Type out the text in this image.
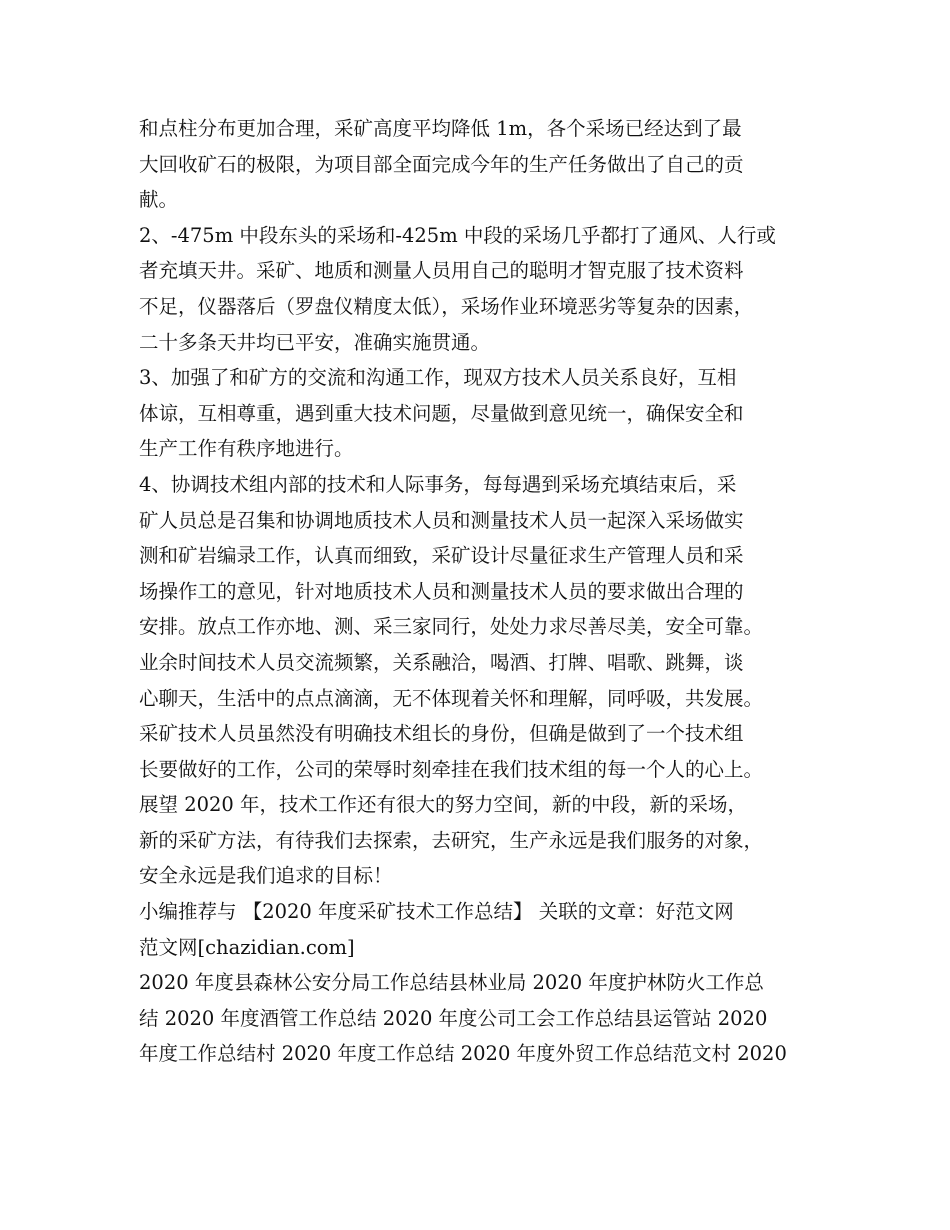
和点柱分布更加合理，采矿高度平均降低 1m，各个采场已经达到了最
大回收矿石的极限，为项目部全面完成今年的生产任务做出了自己的贡
献。
2、-475m 中段东头的采场和-425m 中段的采场几乎都打了通风、人行或
者充填天井。采矿、地质和测量人员用自己的聪明才智克服了技术资料
不足，仪器落后（罗盘仪精度太低），采场作业环境恶劣等复杂的因素，
二十多条天井均已平安，准确实施贯通。
3、加强了和矿方的交流和沟通工作，现双方技术人员关系良好，互相
体谅，互相尊重，遇到重大技术问题，尽量做到意见统一，确保安全和
生产工作有秩序地进行。
4、协调技术组内部的技术和人际事务，每每遇到采场充填结束后，采
矿人员总是召集和协调地质技术人员和测量技术人员一起深入采场做实
测和矿岩编录工作，认真而细致，采矿设计尽量征求生产管理人员和采
场操作工的意见，针对地质技术人员和测量技术人员的要求做出合理的
安排。放点工作亦地、测、采三家同行，处处力求尽善尽美，安全可靠。
业余时间技术人员交流频繁，关系融洽，喝酒、打牌、唱歌、跳舞，谈
心聊天，生活中的点点滴滴，无不体现着关怀和理解，同呼吸，共发展。
采矿技术人员虽然没有明确技术组长的身份，但确是做到了一个技术组
长要做好的工作，公司的荣辱时刻牵挂在我们技术组的每一个人的心上。
展望 2020 年，技术工作还有很大的努力空间，新的中段，新的采场，
新的采矿方法，有待我们去探索，去研究，生产永远是我们服务的对象，
安全永远是我们追求的目标！
小编推荐与 【2020 年度采矿技术工作总结】 关联的文章：好范文网
范文网[chazidian.com]
2020 年度县森林公安分局工作总结县林业局 2020 年度护林防火工作总
结 2020 年度酒管工作总结 2020 年度公司工会工作总结县运管站 2020
年度工作总结村 2020 年度工作总结 2020 年度外贸工作总结范文村 2020
